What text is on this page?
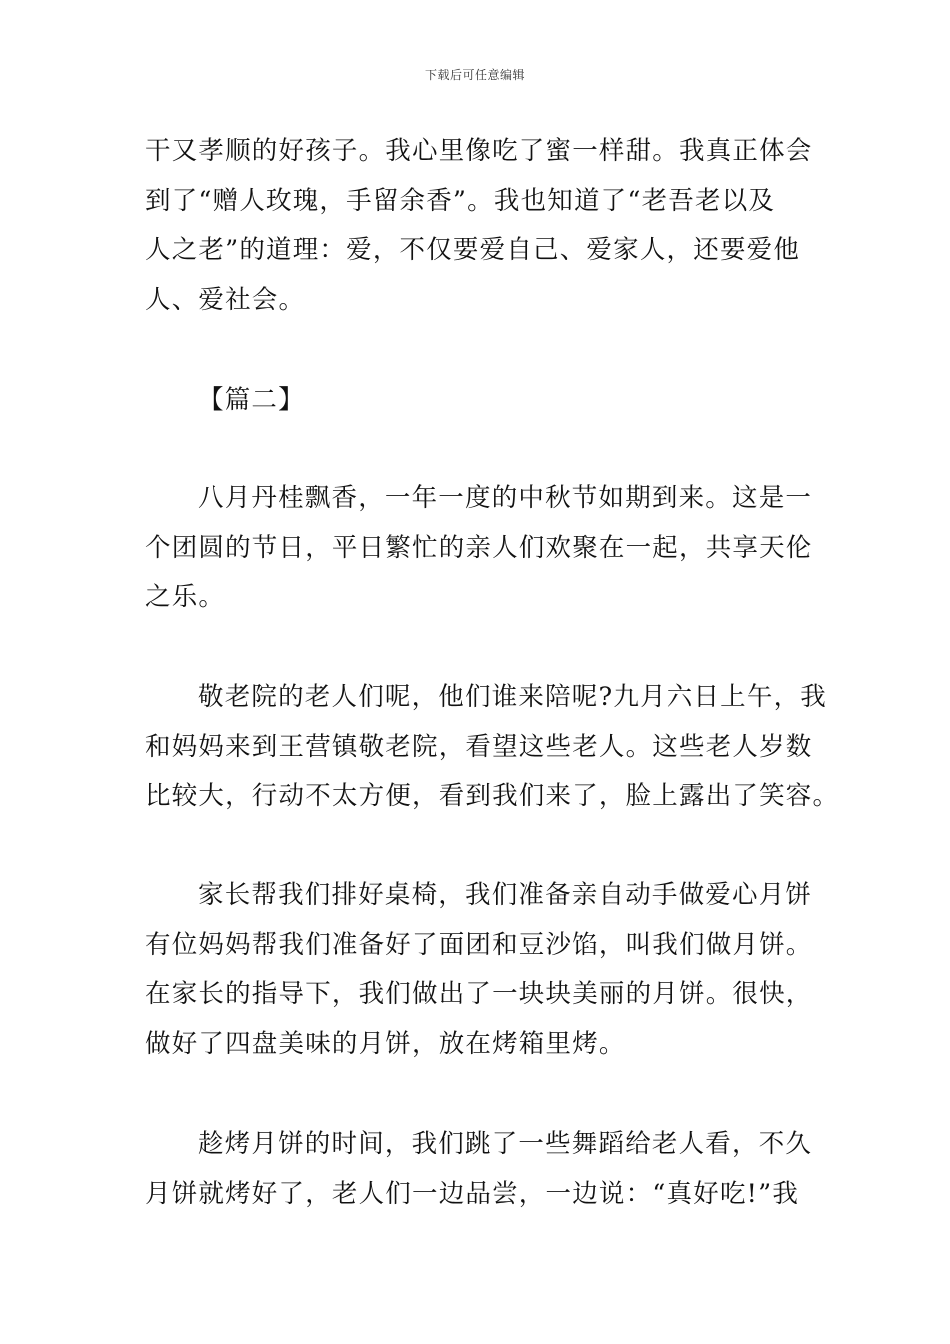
下载后可任意编辑

干又孝顺的好孩子。我心里像吃了蜜一样甜。我真正体会
到了“赠人玫瑰，手留余香”。我也知道了“老吾老以及
人之老”的道理：爱，不仅要爱自己、爱家人，还要爱他
人、爱社会。

【篇二】

八月丹桂飘香，一年一度的中秋节如期到来。这是一
个团圆的节日，平日繁忙的亲人们欢聚在一起，共享天伦
之乐。

敬老院的老人们呢，他们谁来陪呢?九月六日上午，我
和妈妈来到王营镇敬老院，看望这些老人。这些老人岁数
比较大，行动不太方便，看到我们来了，脸上露出了笑容。

家长帮我们排好桌椅，我们准备亲自动手做爱心月饼
有位妈妈帮我们准备好了面团和豆沙馅，叫我们做月饼。
在家长的指导下，我们做出了一块块美丽的月饼。很快，
做好了四盘美味的月饼，放在烤箱里烤。

趁烤月饼的时间，我们跳了一些舞蹈给老人看，不久
月饼就烤好了，老人们一边品尝，一边说：“真好吃!”我
